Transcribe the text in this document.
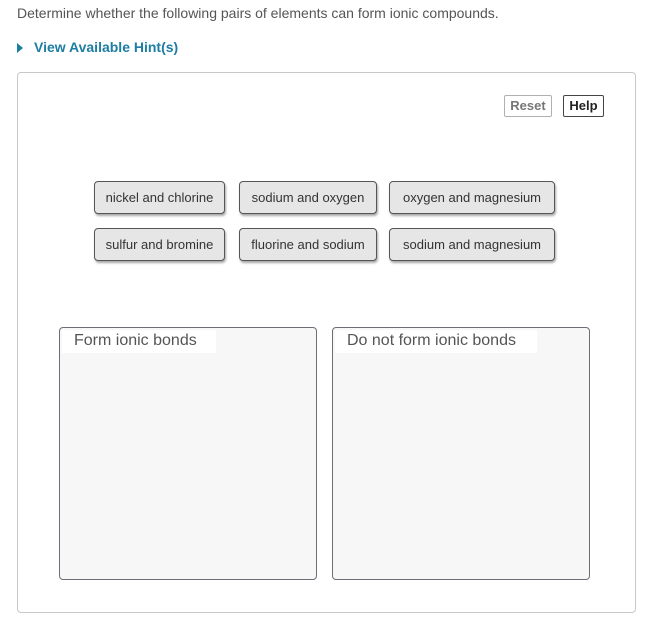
Determine whether the following pairs of elements can form ionic compounds.
View Available Hint(s)
Reset	Help
nickel and chlorine	sodium and oxygen	oxygen and magnesium
sulfur and bromine	fluorine and sodium	sodium and magnesium
Form ionic bonds	Do not form ionic bonds
